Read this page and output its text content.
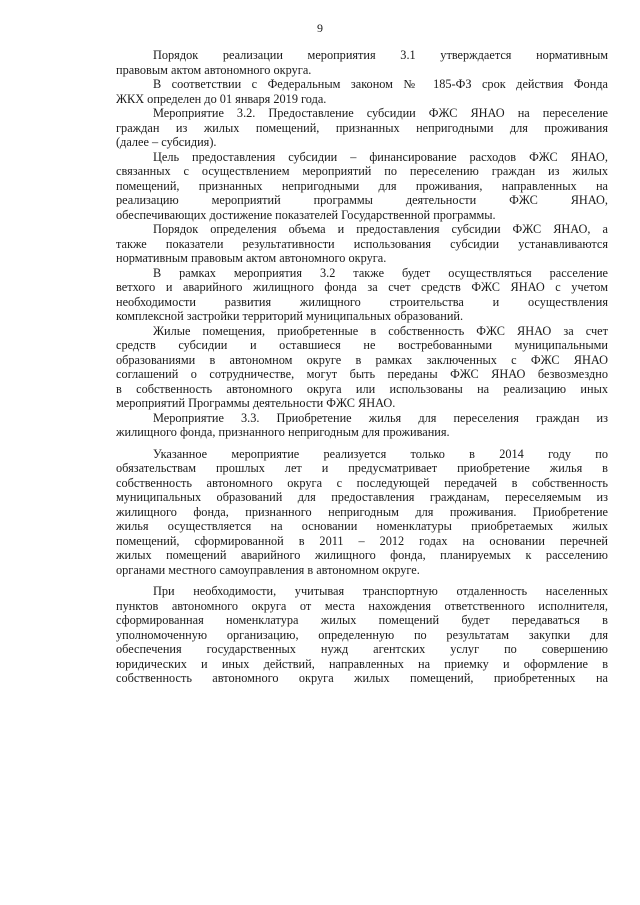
9
Порядок реализации мероприятия 3.1 утверждается нормативным
правовым актом автономного округа.
В соответствии с Федеральным законом № 185-ФЗ срок действия Фонда
ЖКХ определен до 01 января 2019 года.
Мероприятие 3.2. Предоставление субсидии ФЖС ЯНАО на переселение
граждан из жилых помещений, признанных непригодными для проживания
(далее – субсидия).
Цель предоставления субсидии – финансирование расходов ФЖС ЯНАО,
связанных с осуществлением мероприятий по переселению граждан из жилых
помещений, признанных непригодными для проживания, направленных на
реализацию мероприятий программы деятельности ФЖС ЯНАО,
обеспечивающих достижение показателей Государственной программы.
Порядок определения объема и предоставления субсидии ФЖС ЯНАО, а
также показатели результативности использования субсидии устанавливаются
нормативным правовым актом автономного округа.
В рамках мероприятия 3.2 также будет осуществляться расселение
ветхого и аварийного жилищного фонда за счет средств ФЖС ЯНАО с учетом
необходимости развития жилищного строительства и осуществления
комплексной застройки территорий муниципальных образований.
Жилые помещения, приобретенные в собственность ФЖС ЯНАО за счет
средств субсидии и оставшиеся не востребованными муниципальными
образованиями в автономном округе в рамках заключенных с ФЖС ЯНАО
соглашений о сотрудничестве, могут быть переданы ФЖС ЯНАО безвозмездно
в собственность автономного округа или использованы на реализацию иных
мероприятий Программы деятельности ФЖС ЯНАО.
Мероприятие 3.3. Приобретение жилья для переселения граждан из
жилищного фонда, признанного непригодным для проживания.
Указанное мероприятие реализуется только в 2014 году по
обязательствам прошлых лет и предусматривает приобретение жилья в
собственность автономного округа с последующей передачей в собственность
муниципальных образований для предоставления гражданам, переселяемым из
жилищного фонда, признанного непригодным для проживания. Приобретение
жилья осуществляется на основании номенклатуры приобретаемых жилых
помещений, сформированной в 2011 – 2012 годах на основании перечней
жилых помещений аварийного жилищного фонда, планируемых к расселению
органами местного самоуправления в автономном округе.
При необходимости, учитывая транспортную отдаленность населенных
пунктов автономного округа от места нахождения ответственного исполнителя,
сформированная номенклатура жилых помещений будет передаваться в
уполномоченную организацию, определенную по результатам закупки для
обеспечения государственных нужд агентских услуг по совершению
юридических и иных действий, направленных на приемку и оформление в
собственность автономного округа жилых помещений, приобретенных на
